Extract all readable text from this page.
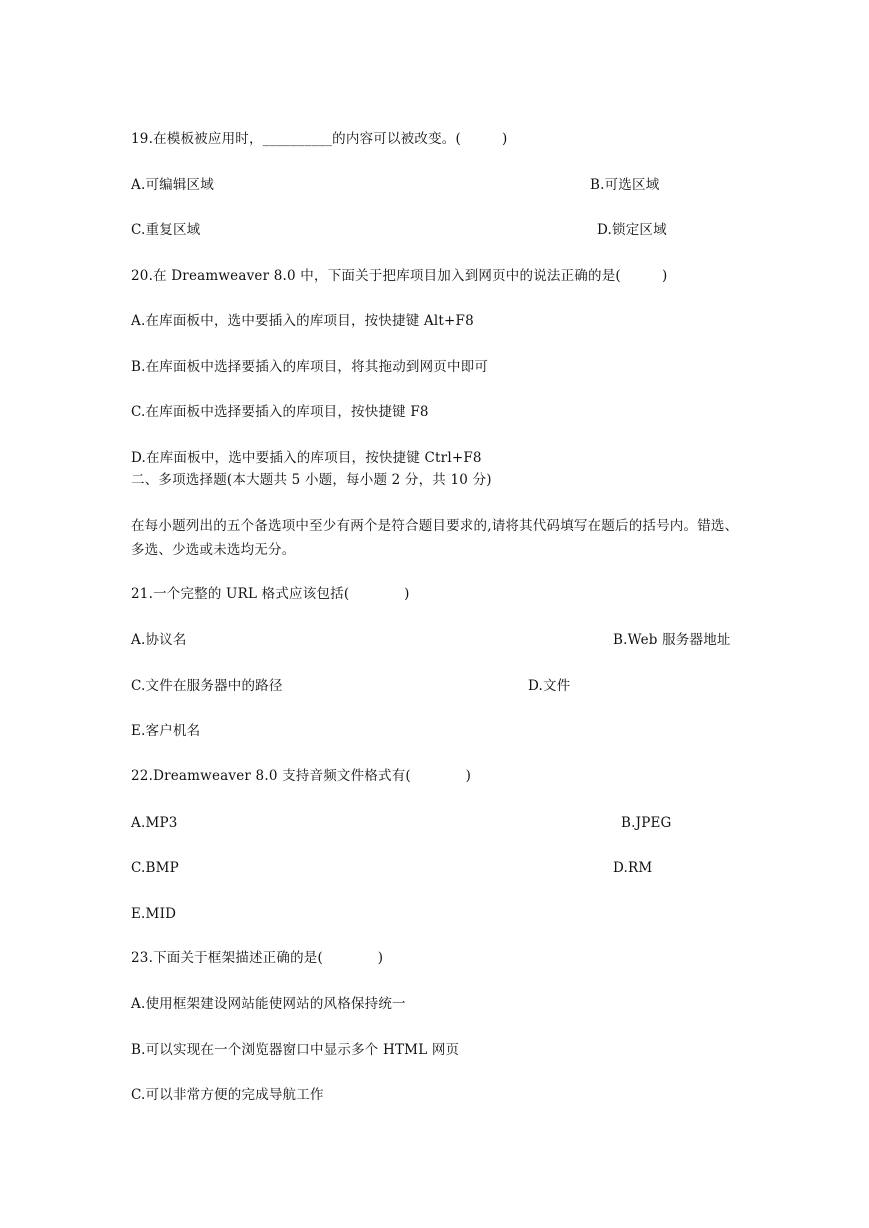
19.在模板被应用时，__________的内容可以被改变。(　　　)
A.可编辑区域	B.可选区域
C.重复区域	D.锁定区域
20.在 Dreamweaver 8.0 中，下面关于把库项目加入到网页中的说法正确的是(　　　)
A.在库面板中，选中要插入的库项目，按快捷键 Alt+F8
B.在库面板中选择要插入的库项目，将其拖动到网页中即可
C.在库面板中选择要插入的库项目，按快捷键 F8
D.在库面板中，选中要插入的库项目，按快捷键 Ctrl+F8
二、多项选择题(本大题共 5 小题，每小题 2 分，共 10 分)
在每小题列出的五个备选项中至少有两个是符合题目要求的,请将其代码填写在题后的括号内。错选、多选、少选或未选均无分。
21.一个完整的 URL 格式应该包括(　　　　)
A.协议名	B.Web 服务器地址
C.文件在服务器中的路径	D.文件
E.客户机名
22.Dreamweaver 8.0 支持音频文件格式有(　　　　)
A.MP3	B.JPEG
C.BMP	D.RM
E.MID
23.下面关于框架描述正确的是(　　　　)
A.使用框架建设网站能使网站的风格保持统一
B.可以实现在一个浏览器窗口中显示多个 HTML 网页
C.可以非常方便的完成导航工作
